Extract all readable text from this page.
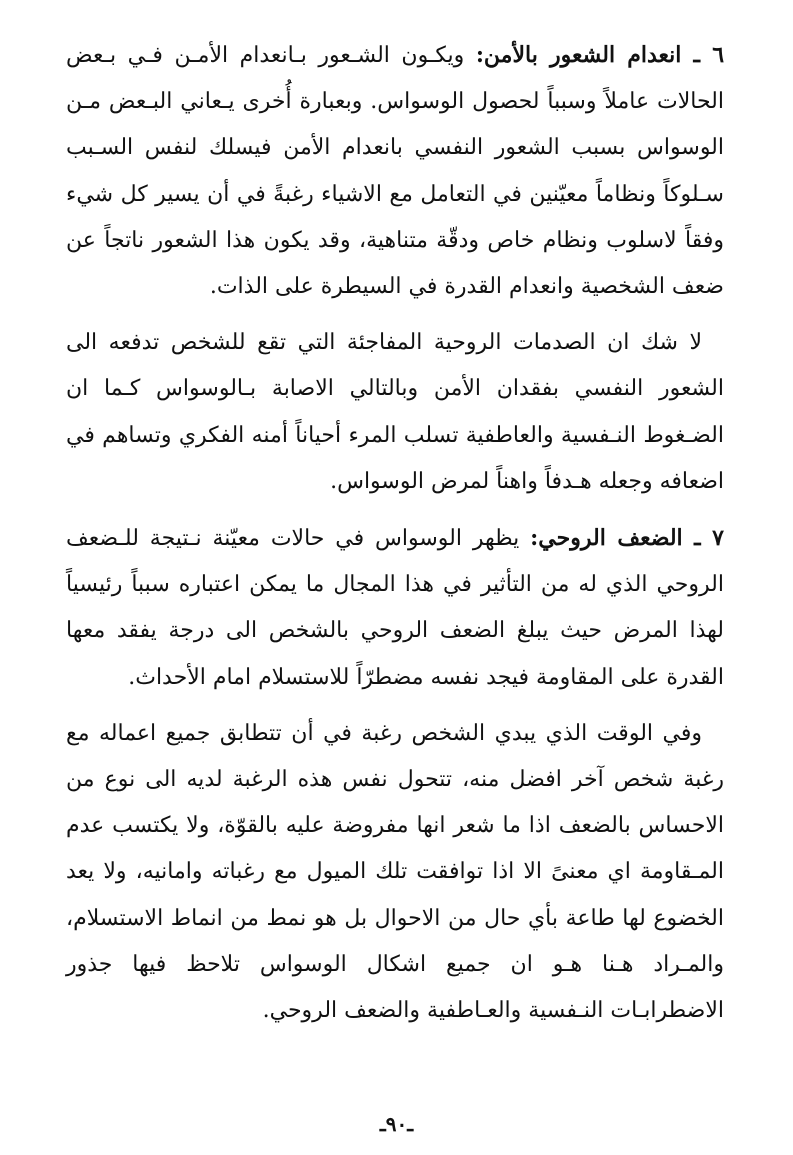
٦ ـ انعدام الشعور بالأمن: ويكـون الشـعور بـانعدام الأمـن فـي بـعض الحالات عاملاً وسبباً لحصول الوسواس. وبعبارة أُخرى يـعاني البـعض مـن الوسواس بسبب الشعور النفسي بانعدام الأمن فيسلك لنفس السـبب سـلوكاً ونظاماً معيّنين في التعامل مع الاشياء رغبةً في أن يسير كل شيء وفقاً لاسلوب ونظام خاص ودقّة متناهية، وقد يكون هذا الشعور ناتجاً عن ضعف الشخصية وانعدام القدرة في السيطرة على الذات.

لا شك ان الصدمات الروحية المفاجئة التي تقع للشخص تدفعه الى الشعور النفسي بفقدان الأمن وبالتالي الاصابة بـالوسواس كـما ان الضـغوط النـفسية والعاطفية تسلب المرء أحياناً أمنه الفكري وتساهم في اضعافه وجعله هـدفاً واهناً لمرض الوسواس.

٧ ـ الضعف الروحي: يظهر الوسواس في حالات معيّنة نـتيجة للـضعف الروحي الذي له من التأثير في هذا المجال ما يمكن اعتباره سبباً رئيسياً لهذا المرض حيث يبلغ الضعف الروحي بالشخص الى درجة يفقد معها القدرة على المقاومة فيجد نفسه مضطرّاً للاستسلام امام الأحداث.

وفي الوقت الذي يبدي الشخص رغبة في أن تتطابق جميع اعماله مع رغبة شخص آخر افضل منه، تتحول نفس هذه الرغبة لديه الى نوع من الاحساس بالضعف اذا ما شعر انها مفروضة عليه بالقوّة، ولا يكتسب عدم المـقاومة اي معنىً الا اذا توافقت تلك الميول مع رغباته وامانيه، ولا يعد الخضوع لها طاعة بأي حال من الاحوال بل هو نمط من انماط الاستسلام، والمـراد هـنا هـو ان جميع اشكال الوسواس تلاحظ فيها جذور الاضطرابـات النـفسية والعـاطفية والضعف الروحي.

ـ٩٠ـ
